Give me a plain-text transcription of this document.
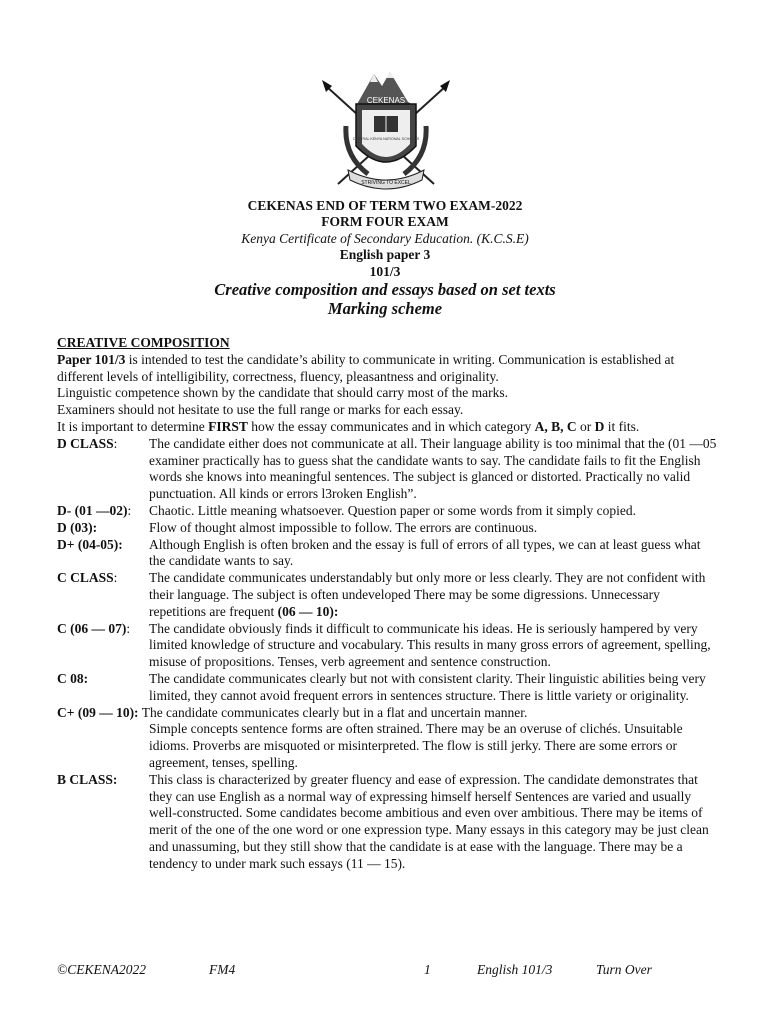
CEKENAS
CENTRAL KENYA NATIONAL SCHOOLS
STRIVING TO EXCEL
CEKENAS END OF TERM TWO EXAM-2022
FORM FOUR EXAM
Kenya Certificate of Secondary Education. (K.C.S.E)
English paper 3
101/3
Creative composition and essays based on set texts
Marking scheme
CREATIVE COMPOSITION

Paper 101/3 is intended to test the candidate’s ability to communicate in writing. Communication is established at different levels of intelligibility, correctness, fluency, pleasantness and originality.

Linguistic competence shown by the candidate that should carry most of the marks.

Examiners should not hesitate to use the full range or marks for each essay.

It is important to determine FIRST how the essay communicates and in which category A, B, C or D it fits.

D CLASS:	The candidate either does not communicate at all. Their language ability is too minimal that the (01 —05 examiner practically has to guess shat the candidate wants to say. The candidate fails to fit the English words she knows into meaningful sentences. The subject is glanced or distorted. Practically no valid punctuation. All kinds or errors l3roken English”.
D- (01 —02):	Chaotic. Little meaning whatsoever. Question paper or some words from it simply copied.
D (03):	Flow of thought almost impossible to follow. The errors are continuous.
D+ (04-05):	Although English is often broken and the essay is full of errors of all types, we can at least guess what the candidate wants to say.
C CLASS:	The candidate communicates understandably but only more or less clearly. They are not confident with their language. The subject is often undeveloped There may be some digressions. Unnecessary repetitions are frequent (06 — 10):
C (06 — 07):	The candidate obviously finds it difficult to communicate his ideas. He is seriously hampered by very limited knowledge of structure and vocabulary. This results in many gross errors of agreement, spelling, misuse of propositions. Tenses, verb agreement and sentence construction.
C 08:	The candidate communicates clearly but not with consistent clarity. Their linguistic abilities being very limited, they cannot avoid frequent errors in sentences structure. There is little variety or originality.

C+ (09 — 10): The candidate communicates clearly but in a flat and uncertain manner.

Simple concepts sentence forms are often strained. There may be an overuse of clichés. Unsuitable idioms. Proverbs are misquoted or misinterpreted. The flow is still jerky. There are some errors or agreement, tenses, spelling.
B CLASS:	This class is characterized by greater fluency and ease of expression. The candidate demonstrates that they can use English as a normal way of expressing himself herself Sentences are varied and usually well-constructed. Some candidates become ambitious and even over ambitious. There may be items of merit of the one of the one word or one expression type. Many essays in this category may be just clean and unassuming, but they still show that the candidate is at ease with the language. There may be a tendency to under mark such essays (11 — 15).
©CEKENA2022	FM4	1	English 101/3	Turn Over
